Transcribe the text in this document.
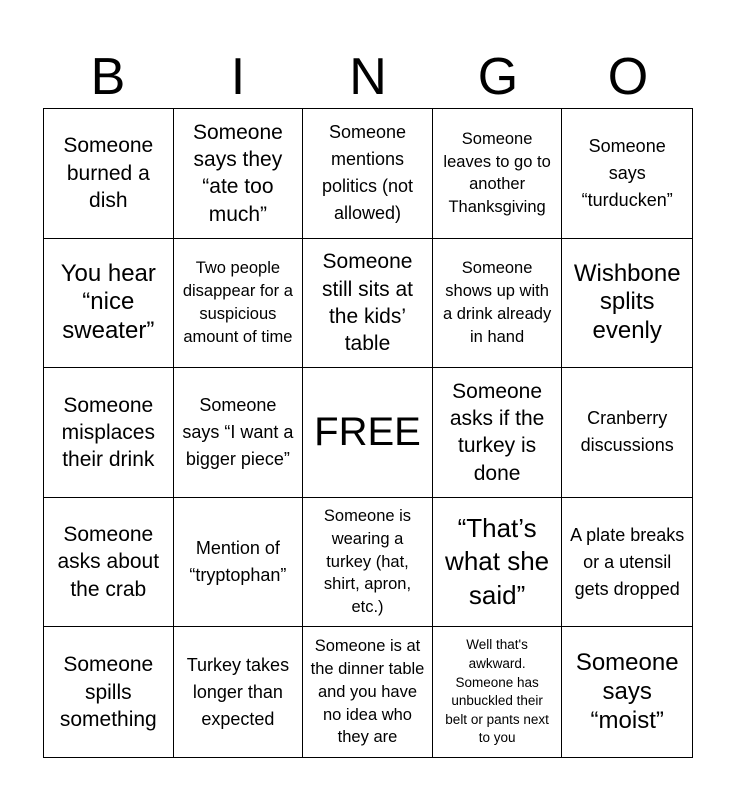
B	I	N	G	O
Someone burned a dish
Someone says they “ate too much”
Someone mentions politics (not allowed)
Someone leaves to go to another Thanksgiving
Someone says “turducken”
You hear “nice sweater”
Two people disappear for a suspicious amount of time
Someone still sits at the kids’ table
Someone shows up with a drink already in hand
Wishbone splits evenly
Someone misplaces their drink
Someone says “I want a bigger piece”
FREE
Someone asks if the turkey is done
Cranberry discussions
Someone asks about the crab
Mention of “tryptophan”
Someone is wearing a turkey (hat, shirt, apron, etc.)
“That’s what she said”
A plate breaks or a utensil gets dropped
Someone spills something
Turkey takes longer than expected
Someone is at the dinner table and you have no idea who they are
Well that's awkward. Someone has unbuckled their belt or pants next to you
Someone says “moist”
